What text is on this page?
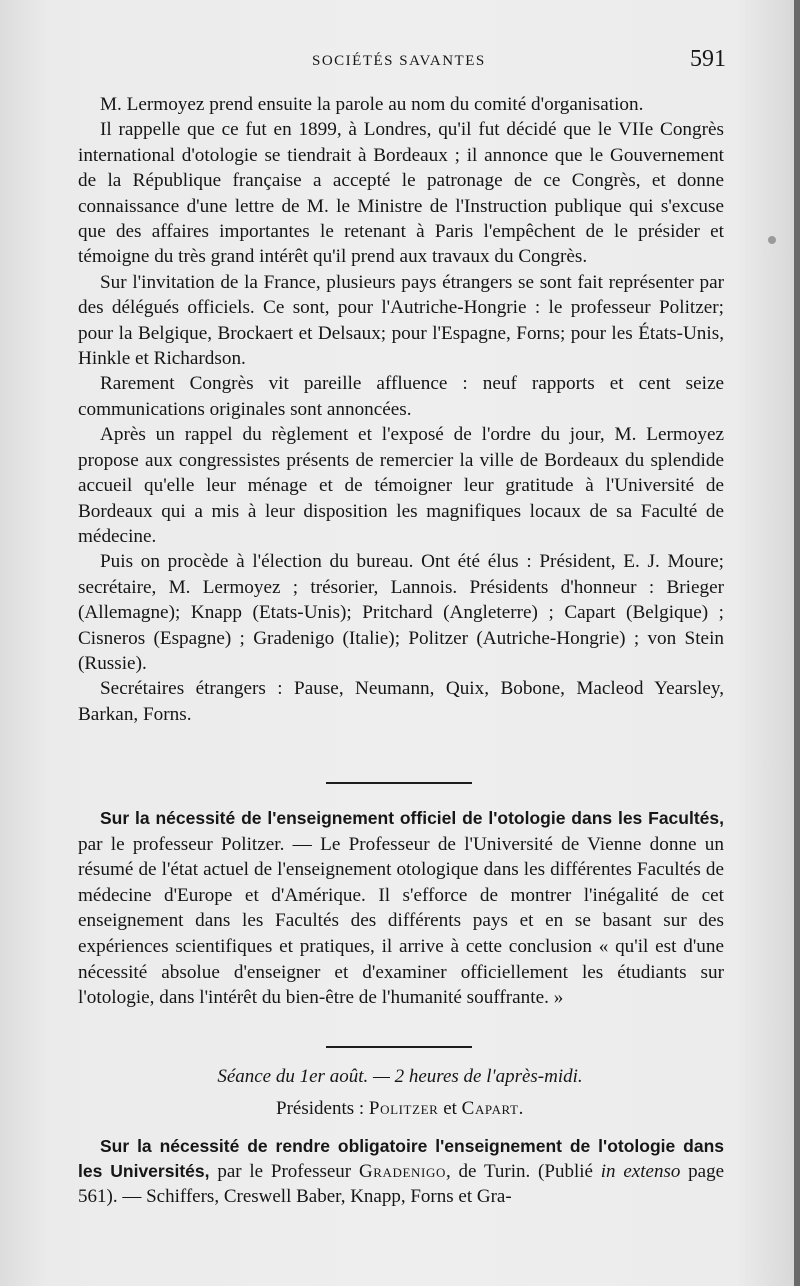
SOCIÉTÉS SAVANTES	591

M. Lermoyez prend ensuite la parole au nom du comité d'organisation.

Il rappelle que ce fut en 1899, à Londres, qu'il fut décidé que le VIIe Congrès international d'otologie se tiendrait à Bordeaux ; il annonce que le Gouvernement de la République française a accepté le patronage de ce Congrès, et donne connaissance d'une lettre de M. le Ministre de l'Instruction publique qui s'excuse que des affaires importantes le retenant à Paris l'empêchent de le présider et témoigne du très grand intérêt qu'il prend aux travaux du Congrès.

Sur l'invitation de la France, plusieurs pays étrangers se sont fait représenter par des délégués officiels. Ce sont, pour l'Autriche-Hongrie : le professeur Politzer; pour la Belgique, Brockaert et Delsaux; pour l'Espagne, Forns; pour les États-Unis, Hinkle et Richardson.

Rarement Congrès vit pareille affluence : neuf rapports et cent seize communications originales sont annoncées.

Après un rappel du règlement et l'exposé de l'ordre du jour, M. Lermoyez propose aux congressistes présents de remercier la ville de Bordeaux du splendide accueil qu'elle leur ménage et de témoigner leur gratitude à l'Université de Bordeaux qui a mis à leur disposition les magnifiques locaux de sa Faculté de médecine.

Puis on procède à l'élection du bureau. Ont été élus : Président, E. J. Moure; secrétaire, M. Lermoyez ; trésorier, Lannois. Présidents d'honneur : Brieger (Allemagne); Knapp (Etats-Unis); Pritchard (Angleterre) ; Capart (Belgique) ; Cisneros (Espagne) ; Gradenigo (Italie); Politzer (Autriche-Hongrie) ; von Stein (Russie).

Secrétaires étrangers : Pause, Neumann, Quix, Bobone, Macleod Yearsley, Barkan, Forns.

Sur la nécessité de l'enseignement officiel de l'otologie dans les Facultés, par le professeur Politzer. — Le Professeur de l'Université de Vienne donne un résumé de l'état actuel de l'enseignement otologique dans les différentes Facultés de médecine d'Europe et d'Amérique. Il s'efforce de montrer l'inégalité de cet enseignement dans les Facultés des différents pays et en se basant sur des expériences scientifiques et pratiques, il arrive à cette conclusion « qu'il est d'une nécessité absolue d'enseigner et d'examiner officiellement les étudiants sur l'otologie, dans l'intérêt du bien-être de l'humanité souffrante. »

Séance du 1er août. — 2 heures de l'après-midi.
Présidents : Politzer et Capart.

Sur la nécessité de rendre obligatoire l'enseignement de l'otologie dans les Universités, par le Professeur Gradenigo, de Turin. (Publié in extenso page 561). — Schiffers, Creswell Baber, Knapp, Forns et Gra-
